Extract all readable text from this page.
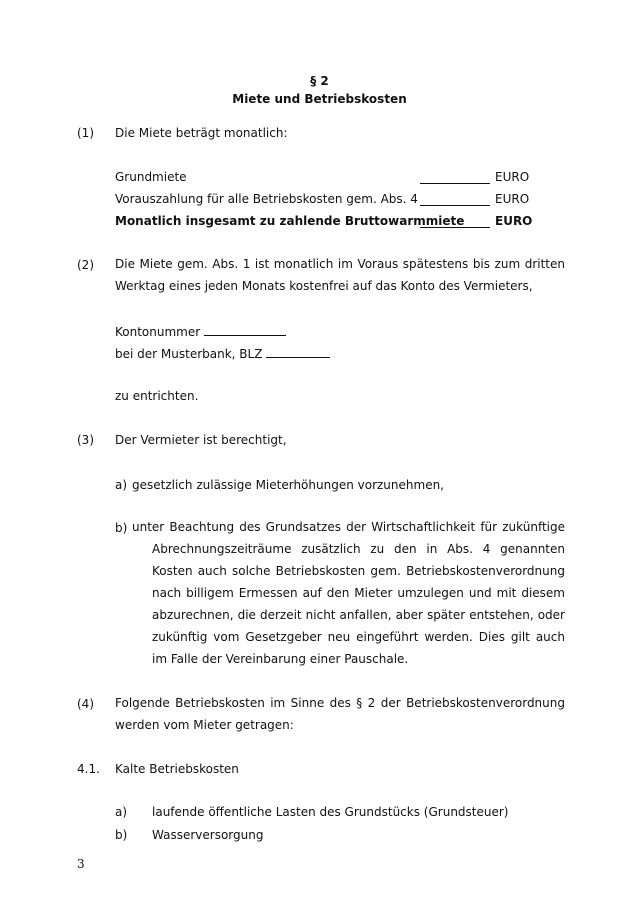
§ 2
Miete und Betriebskosten
(1) Die Miete beträgt monatlich:
Grundmiete	EURO
Vorauszahlung für alle Betriebskosten gem. Abs. 4	EURO
Monatlich insgesamt zu zahlende Bruttowarmmiete	EURO
(2) Die Miete gem. Abs. 1 ist monatlich im Voraus spätestens bis zum dritten Werktag eines jeden Monats kostenfrei auf das Konto des Vermieters,
Kontonummer
bei der Musterbank, BLZ
zu entrichten.
(3) Der Vermieter ist berechtigt,
a) gesetzlich zulässige Mieterhöhungen vorzunehmen,
b) unter Beachtung des Grundsatzes der Wirtschaftlichkeit für zukünftige
Abrechnungszeiträume zusätzlich zu den in Abs. 4 genannten Kosten auch solche Betriebskosten gem. Betriebskostenverordnung nach billigem Ermessen auf den Mieter umzulegen und mit diesem abzurechnen, die derzeit nicht anfallen, aber später entstehen, oder zukünftig vom Gesetzgeber neu eingeführt werden. Dies gilt auch im Falle der Vereinbarung einer Pauschale.
(4) Folgende Betriebskosten im Sinne des § 2 der Betriebskostenverordnung werden vom Mieter getragen:
4.1. Kalte Betriebskosten
a) laufende öffentliche Lasten des Grundstücks (Grundsteuer)
b) Wasserversorgung
3
